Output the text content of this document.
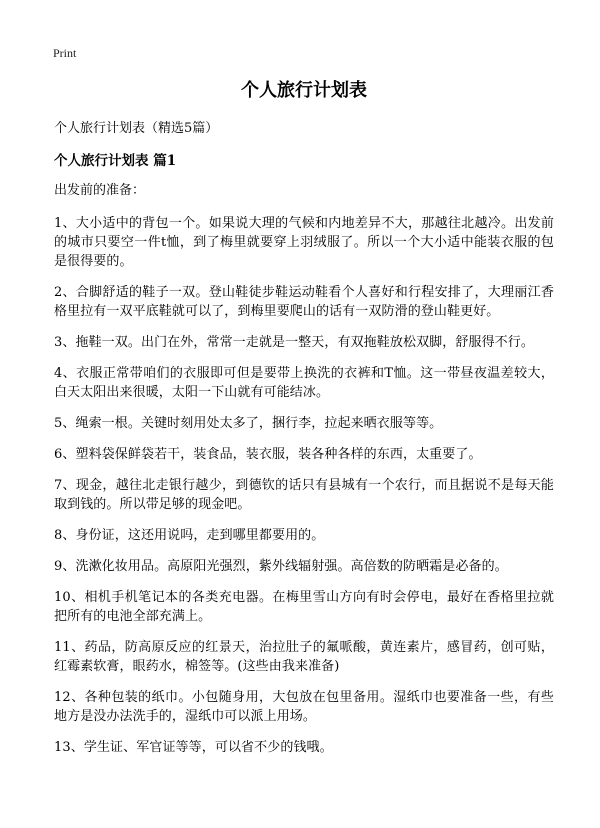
Print
个人旅行计划表

个人旅行计划表（精选5篇）

个人旅行计划表 篇1

出发前的准备：

1、大小适中的背包一个。如果说大理的气候和内地差异不大，那越往北越冷。出发前的城市只要空一件t恤，到了梅里就要穿上羽绒服了。所以一个大小适中能装衣服的包是很得要的。

2、合脚舒适的鞋子一双。登山鞋徒步鞋运动鞋看个人喜好和行程安排了，大理丽江香格里拉有一双平底鞋就可以了，到梅里要爬山的话有一双防滑的登山鞋更好。

3、拖鞋一双。出门在外，常常一走就是一整天，有双拖鞋放松双脚，舒服得不行。

4、衣服正常带咱们的衣服即可但是要带上换洗的衣裤和T恤。这一带昼夜温差较大，白天太阳出来很暖，太阳一下山就有可能结冰。

5、绳索一根。关键时刻用处太多了，捆行李，拉起来晒衣服等等。

6、塑料袋保鲜袋若干，装食品，装衣服，装各种各样的东西，太重要了。

7、现金，越往北走银行越少，到德钦的话只有县城有一个农行，而且据说不是每天能取到钱的。所以带足够的现金吧。

8、身份证，这还用说吗，走到哪里都要用的。

9、洗漱化妆用品。高原阳光强烈，紫外线辐射强。高倍数的防晒霜是必备的。

10、相机手机笔记本的各类充电器。在梅里雪山方向有时会停电，最好在香格里拉就把所有的电池全部充满上。

11、药品，防高原反应的红景天，治拉肚子的氟哌酸，黄连素片，感冒药，创可贴，红霉素软膏，眼药水，棉签等。(这些由我来准备)

12、各种包装的纸巾。小包随身用，大包放在包里备用。湿纸巾也要准备一些，有些地方是没办法洗手的，湿纸巾可以派上用场。

13、学生证、军官证等等，可以省不少的钱哦。
